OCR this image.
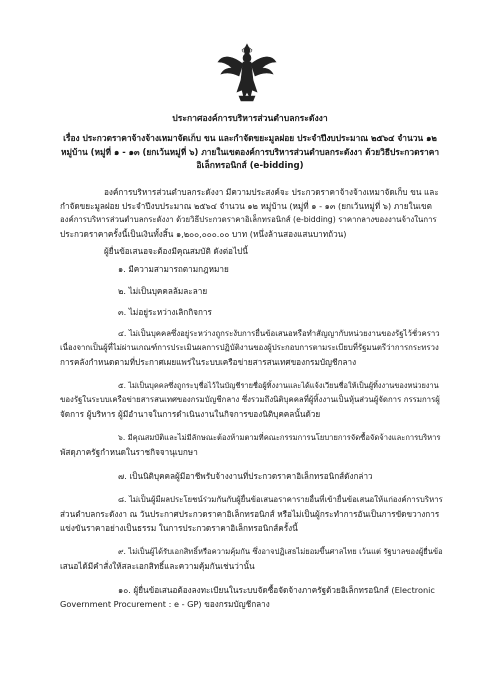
ประกาศองค์การบริหารส่วนตำบลกระดังงา
เรื่อง ประกวดราคาจ้างจ้างเหมาจัดเก็บ ขน และกำจัดขยะมูลฝอย ประจำปีงบประมาณ ๒๕๖๔ จำนวน ๑๒
หมู่บ้าน (หมู่ที่ ๑ - ๑๓ (ยกเว้นหมู่ที่ ๖) ภายในเขตองค์การบริหารส่วนตำบลกระดังงา ด้วยวิธีประกวดราคา
อิเล็กทรอนิกส์ (e-bidding)
องค์การบริหารส่วนตำบลกระดังงา มีความประสงค์จะ ประกวดราคาจ้างจ้างเหมาจัดเก็บ ขน และ
กำจัดขยะมูลฝอย ประจำปีงบประมาณ ๒๕๖๔ จำนวน ๑๒ หมู่บ้าน (หมู่ที่ ๑ - ๑๓ (ยกเว้นหมู่ที่ ๖) ภายในเขต
องค์การบริหารส่วนตำบลกระดังงา ด้วยวิธีประกวดราคาอิเล็กทรอนิกส์ (e-bidding) ราคากลางของงานจ้างในการ
ประกวดราคาครั้งนี้เป็นเงินทั้งสิ้น ๑,๒๐๐,๐๐๐.๐๐ บาท (หนึ่งล้านสองแสนบาทถ้วน)
ผู้ยื่นข้อเสนอจะต้องมีคุณสมบัติ ดังต่อไปนี้
๑. มีความสามารถตามกฎหมาย
๒. ไม่เป็นบุคคลล้มละลาย
๓. ไม่อยู่ระหว่างเลิกกิจการ
๔. ไม่เป็นบุคคลซึ่งอยู่ระหว่างถูกระงับการยื่นข้อเสนอหรือทำสัญญากับหน่วยงานของรัฐไว้ชั่วคราว
เนื่องจากเป็นผู้ที่ไม่ผ่านเกณฑ์การประเมินผลการปฏิบัติงานของผู้ประกอบการตามระเบียบที่รัฐมนตรีว่าการกระทรวง
การคลังกำหนดตามที่ประกาศเผยแพร่ในระบบเครือข่ายสารสนเทศของกรมบัญชีกลาง
๕. ไม่เป็นบุคคลซึ่งถูกระบุชื่อไว้ในบัญชีรายชื่อผู้ทิ้งงานและได้แจ้งเวียนชื่อให้เป็นผู้ทิ้งงานของหน่วยงาน
ของรัฐในระบบเครือข่ายสารสนเทศของกรมบัญชีกลาง ซึ่งรวมถึงนิติบุคคลที่ผู้ทิ้งงานเป็นหุ้นส่วนผู้จัดการ กรรมการผู้
จัดการ ผู้บริหาร ผู้มีอำนาจในการดำเนินงานในกิจการของนิติบุคคลนั้นด้วย
๖. มีคุณสมบัติและไม่มีลักษณะต้องห้ามตามที่คณะกรรมการนโยบายการจัดซื้อจัดจ้างและการบริหาร
พัสดุภาครัฐกำหนดในราชกิจจานุเบกษา
๗. เป็นนิติบุคคลผู้มีอาชีพรับจ้างงานที่ประกวดราคาอิเล็กทรอนิกส์ดังกล่าว
๘. ไม่เป็นผู้มีผลประโยชน์ร่วมกันกับผู้ยื่นข้อเสนอราคารายอื่นที่เข้ายื่นข้อเสนอให้แก่องค์การบริหาร
ส่วนตำบลกระดังงา ณ วันประกาศประกวดราคาอิเล็กทรอนิกส์ หรือไม่เป็นผู้กระทำการอันเป็นการขัดขวางการ
แข่งขันราคาอย่างเป็นธรรม ในการประกวดราคาอิเล็กทรอนิกส์ครั้งนี้
๙. ไม่เป็นผู้ได้รับเอกสิทธิ์หรือความคุ้มกัน ซึ่งอาจปฏิเสธไม่ยอมขึ้นศาลไทย เว้นแต่ รัฐบาลของผู้ยื่นข้อ
เสนอได้มีคำสั่งให้สละเอกสิทธิ์และความคุ้มกันเช่นว่านั้น
๑๐. ผู้ยื่นข้อเสนอต้องลงทะเบียนในระบบจัดซื้อจัดจ้างภาครัฐด้วยอิเล็กทรอนิกส์ (Electronic
Government Procurement : e - GP) ของกรมบัญชีกลาง
